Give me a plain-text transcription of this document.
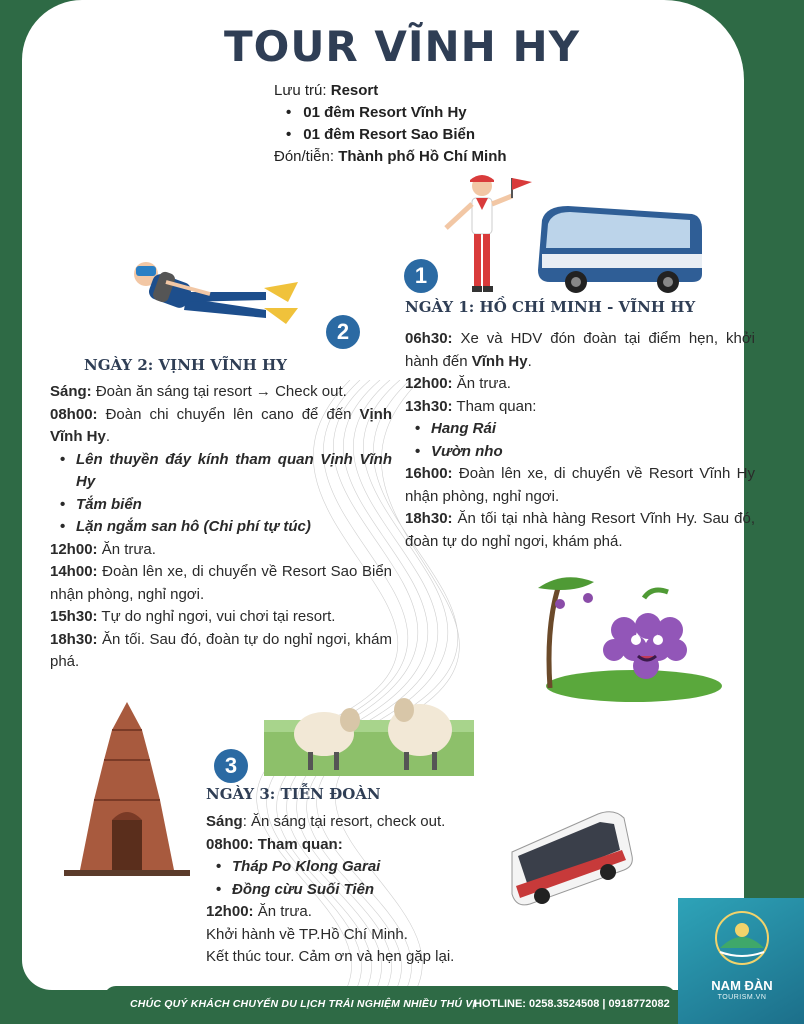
TOUR VĨNH HY
Lưu trú: Resort
• 01 đêm Resort Vĩnh Hy
• 01 đêm Resort Sao Biển
Đón/tiễn: Thành phố Hồ Chí Minh
1
2
3
NGÀY 1: HỒ CHÍ MINH - VĨNH HY
NGÀY 2: VỊNH VĨNH HY
NGÀY 3: TIỄN ĐOÀN
06h30: Xe và HDV đón đoàn tại điểm hẹn, khởi hành đến Vĩnh Hy.
12h00: Ăn trưa.
13h30: Tham quan:
• Hang Rái
• Vườn nho
16h00: Đoàn lên xe, di chuyển về Resort Vĩnh Hy nhận phòng, nghỉ ngơi.
18h30: Ăn tối tại nhà hàng Resort Vĩnh Hy. Sau đó, đoàn tự do nghỉ ngơi, khám phá.
Sáng: Đoàn ăn sáng tại resort → Check out.
08h00: Đoàn chi chuyển lên cano để đến Vịnh Vĩnh Hy.
• Lên thuyền đáy kính tham quan Vịnh Vĩnh Hy
• Tắm biển
• Lặn ngắm san hô (Chi phí tự túc)
12h00: Ăn trưa.
14h00: Đoàn lên xe, di chuyển về Resort Sao Biển nhận phòng, nghỉ ngơi.
15h30: Tự do nghỉ ngơi, vui chơi tại resort.
18h30: Ăn tối. Sau đó, đoàn tự do nghỉ ngơi, khám phá.
Sáng: Ăn sáng tại resort, check out.
08h00: Tham quan:
• Tháp Po Klong Garai
• Đồng cừu Suối Tiên
12h00: Ăn trưa.
Khởi hành về TP.Hồ Chí Minh.
Kết thúc tour. Cảm ơn và hẹn gặp lại.
CHÚC QUÝ KHÁCH CHUYẾN DU LỊCH TRẢI NGHIỆM NHIỀU THÚ VỊ
HOTLINE: 0258.3524508 | 0918772082
NAM ĐÀN
TOURISM.VN
